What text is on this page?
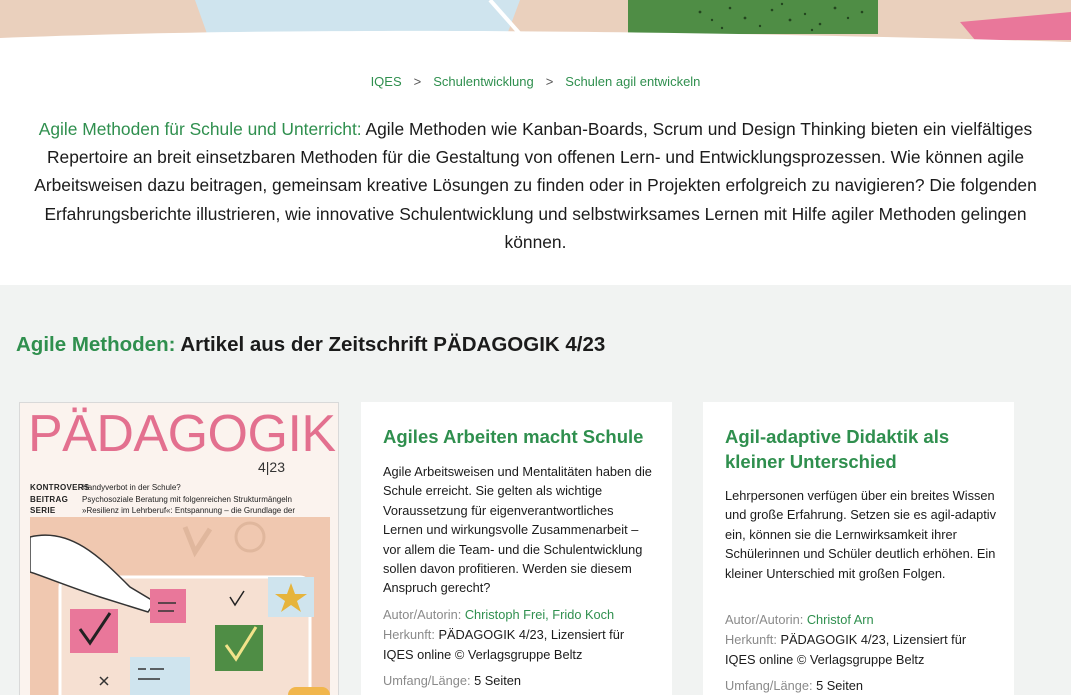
IQES > Schulentwicklung > Schulen agil entwickeln

Agile Methoden für Schule und Unterricht: Agile Methoden wie Kanban-Boards, Scrum und Design Thinking bieten ein vielfältiges Repertoire an breit einsetzbaren Methoden für die Gestaltung von offenen Lern- und Entwicklungsprozessen. Wie können agile Arbeitsweisen dazu beitragen, gemeinsam kreative Lösungen zu finden oder in Projekten erfolgreich zu navigieren? Die folgenden Erfahrungsberichte illustrieren, wie innovative Schulentwicklung und selbstwirksames Lernen mit Hilfe agiler Methoden gelingen können.

Agile Methoden: Artikel aus der Zeitschrift PÄDAGOGIK 4/23
PÄDAGOGIK
4|23
KONTROVERSHandyverbot in der Schule?
BEITRAG Psychosoziale Beratung mit folgenreichen Strukturmängeln
SERIE	»Resilienz im Lehrberuf«: Entspannung – die Grundlage der
Agiles Arbeiten macht Schule

Agile Arbeitsweisen und Mentalitäten haben die Schule erreicht. Sie gelten als wichtige Voraussetzung für eigenverantwortliches Lernen und wirkungsvolle Zusammenarbeit – vor allem die Team- und die Schulentwicklung sollen davon profitieren. Werden sie diesem Anspruch gerecht?

Autor/Autorin: Christoph Frei, Frido Koch
Herkunft: PÄDAGOGIK 4/23, Lizensiert für IQES online © Verlagsgruppe Beltz
Umfang/Länge: 5 Seiten
Agil-adaptive Didaktik als kleiner Unterschied

Lehrpersonen verfügen über ein breites Wissen und große Erfahrung. Setzen sie es agil-adaptiv ein, können sie die Lernwirksamkeit ihrer Schülerinnen und Schüler deutlich erhöhen. Ein kleiner Unterschied mit großen Folgen.

Autor/Autorin: Christof Arn
Herkunft: PÄDAGOGIK 4/23, Lizensiert für IQES online © Verlagsgruppe Beltz
Umfang/Länge: 5 Seiten
